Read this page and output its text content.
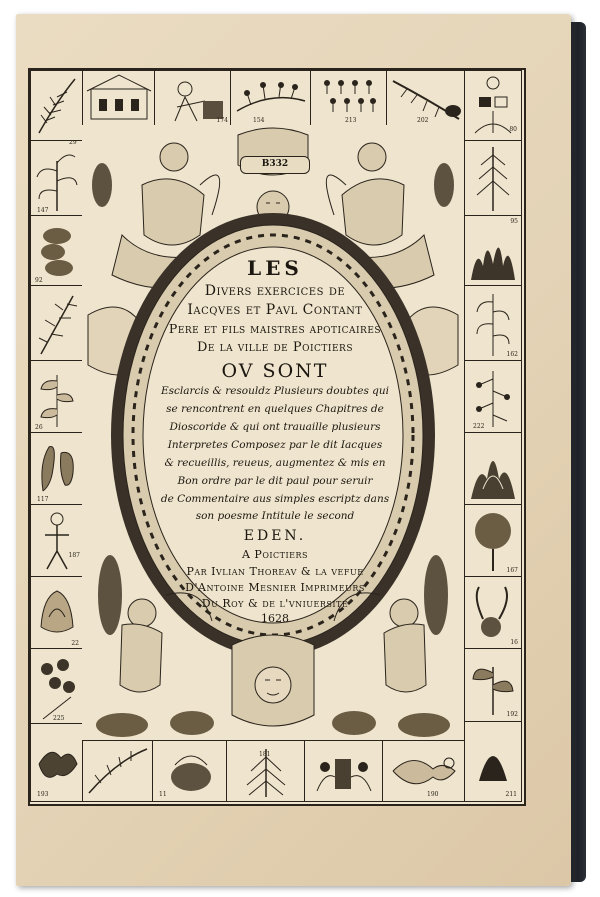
174	154	213	202
80
29
147
92
26
117
187
22
225
193	11
181
190	211
95
162
222
167
16
192
B332
LES
Divers exercices de
Iacqves et Pavl Contant
Pere et fils maistres apoticaires
De la ville de Poictiers
OV SONT
Esclarcis & resouldz Plusieurs doubtes qui
se rencontrent en quelques Chapitres de
Dioscoride & qui ont trauaille plusieurs
Interpretes Composez par le dit Iacques
& recueillis, reueus, augmentez & mis en
Bon ordre par le dit paul pour seruir
de Commentaire aus simples escriptz dans
son poesme Intitule le second
EDEN.
A Poictiers
Par Ivlian Thoreav & la vefue
D'Antoine Mesnier Imprimeurs
Du Roy & de l'vniuersite
1628
